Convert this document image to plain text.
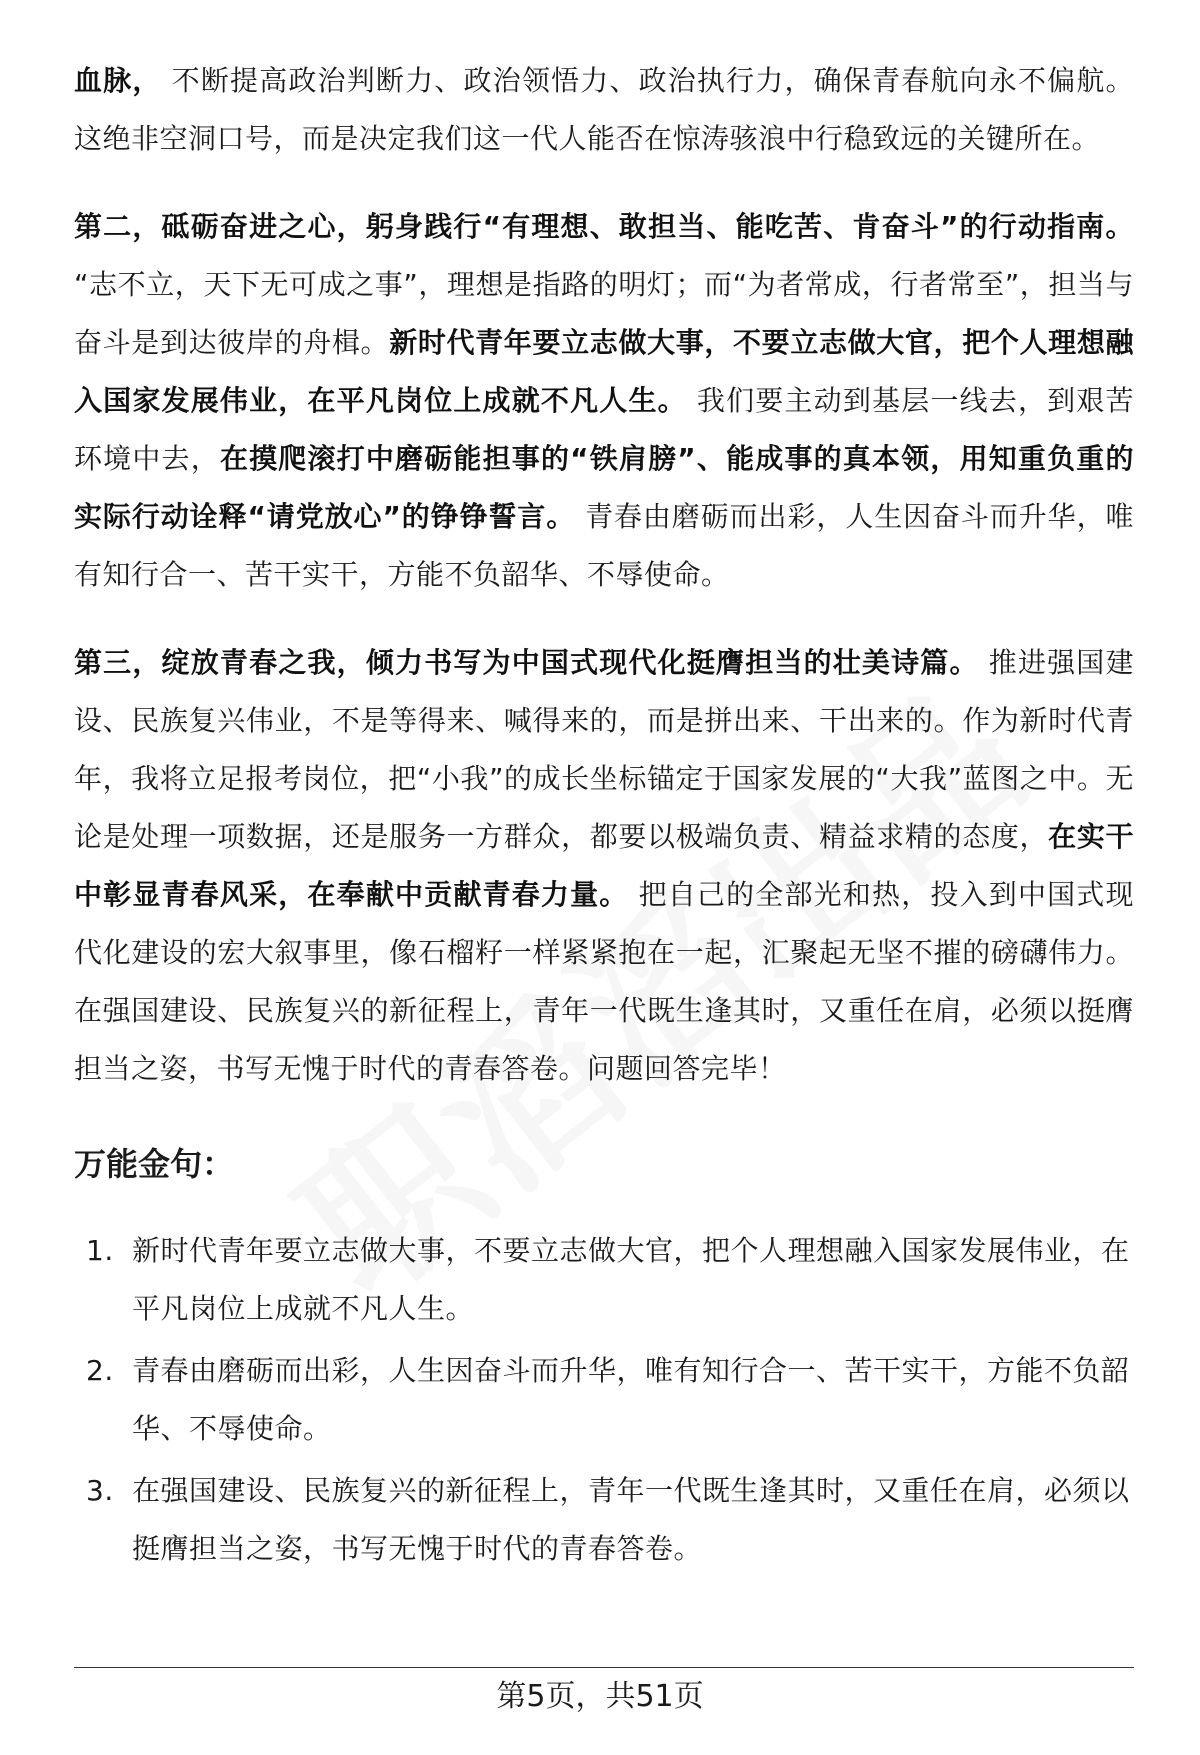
血脉， 不断提高政治判断力、政治领悟力、政治执行力，确保青春航向永不偏航。这绝非空洞口号，而是决定我们这一代人能否在惊涛骇浪中行稳致远的关键所在。

第二，砥砺奋进之心，躬身践行“有理想、敢担当、能吃苦、肯奋斗”的行动指南。 “志不立，天下无可成之事”，理想是指路的明灯；而“为者常成，行者常至”，担当与奋斗是到达彼岸的舟楫。新时代青年要立志做大事，不要立志做大官，把个人理想融入国家发展伟业，在平凡岗位上成就不凡人生。 我们要主动到基层一线去，到艰苦环境中去，在摸爬滚打中磨砺能担事的“铁肩膀”、能成事的真本领，用知重负重的实际行动诠释“请党放心”的铮铮誓言。 青春由磨砺而出彩，人生因奋斗而升华，唯有知行合一、苦干实干，方能不负韶华、不辱使命。

第三，绽放青春之我，倾力书写为中国式现代化挺膺担当的壮美诗篇。 推进强国建设、民族复兴伟业，不是等得来、喊得来的，而是拼出来、干出来的。作为新时代青年，我将立足报考岗位，把“小我”的成长坐标锚定于国家发展的“大我”蓝图之中。无论是处理一项数据，还是服务一方群众，都要以极端负责、精益求精的态度，在实干中彰显青春风采，在奉献中贡献青春力量。 把自己的全部光和热，投入到中国式现代化建设的宏大叙事里，像石榴籽一样紧紧抱在一起，汇聚起无坚不摧的磅礴伟力。在强国建设、民族复兴的新征程上，青年一代既生逢其时，又重任在肩，必须以挺膺担当之姿，书写无愧于时代的青春答卷。问题回答完毕！

万能金句：
1. 新时代青年要立志做大事，不要立志做大官，把个人理想融入国家发展伟业，在平凡岗位上成就不凡人生。
2. 青春由磨砺而出彩，人生因奋斗而升华，唯有知行合一、苦干实干，方能不负韶华、不辱使命。
3. 在强国建设、民族复兴的新征程上，青年一代既生逢其时，又重任在肩，必须以挺膺担当之姿，书写无愧于时代的青春答卷。
第5页，共51页
